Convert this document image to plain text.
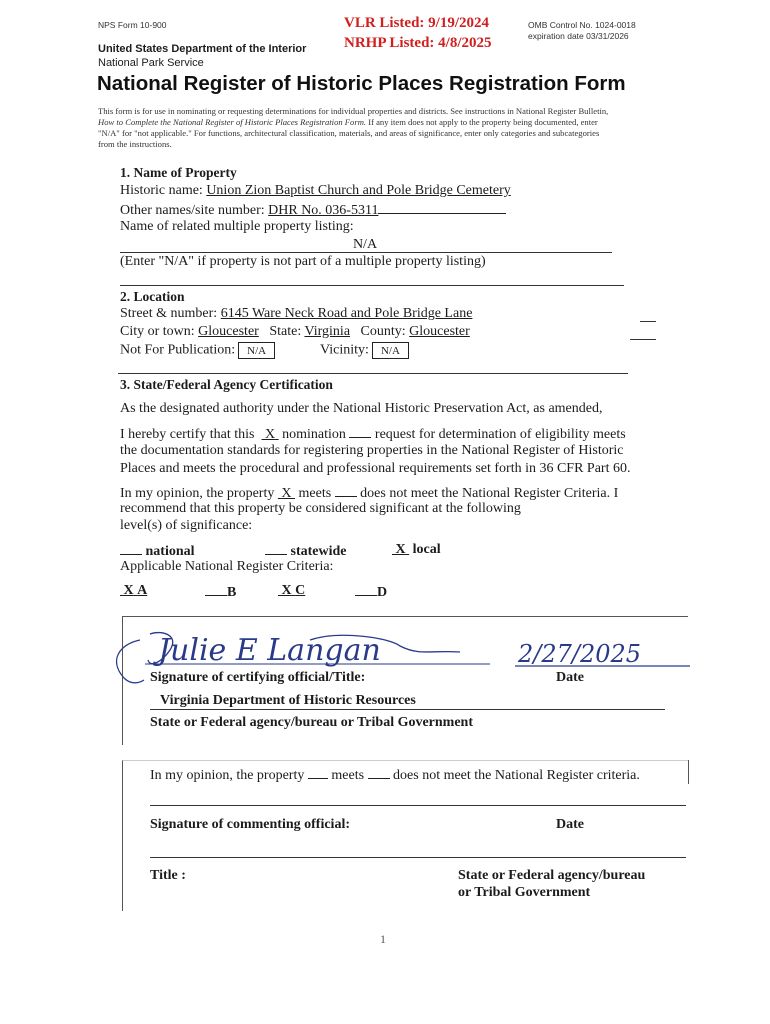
NPS Form 10-900	VLR Listed: 9/19/2024
NRHP Listed: 4/8/2025
OMB Control No. 1024-0018
expiration date 03/31/2026
United States Department of the Interior
National Park Service
National Register of Historic Places Registration Form
This form is for use in nominating or requesting determinations for individual properties and districts. See instructions in National Register Bulletin,
How to Complete the National Register of Historic Places Registration Form. If any item does not apply to the property being documented, enter
"N/A" for "not applicable." For functions, architectural classification, materials, and areas of significance, enter only categories and subcategories
from the instructions.
1. Name of Property
Historic name: Union Zion Baptist Church and Pole Bridge Cemetery
Other names/site number: DHR No. 036-5311
Name of related multiple property listing:
N/A
(Enter "N/A" if property is not part of a multiple property listing)
2. Location
Street & number: 6145 Ware Neck Road and Pole Bridge Lane
City or town: Gloucester State: Virginia County: Gloucester
Not For Publication: N/A	Vicinity: N/A
3. State/Federal Agency Certification
As the designated authority under the National Historic Preservation Act, as amended,
I hereby certify that this X nomination request for determination of eligibility meets
the documentation standards for registering properties in the National Register of Historic
Places and meets the procedural and professional requirements set forth in 36 CFR Part 60.
In my opinion, the property X meets does not meet the National Register Criteria. I
recommend that this property be considered significant at the following
level(s) of significance:
national	statewide	X local
Applicable National Register Criteria:
X A	B	X C	D
Julie E Langan	2/27/2025
Signature of certifying official/Title:	Date
Virginia Department of Historic Resources
State or Federal agency/bureau or Tribal Government
In my opinion, the property meets does not meet the National Register criteria.
Signature of commenting official:	Date
Title :	State or Federal agency/bureau
or Tribal Government
1
